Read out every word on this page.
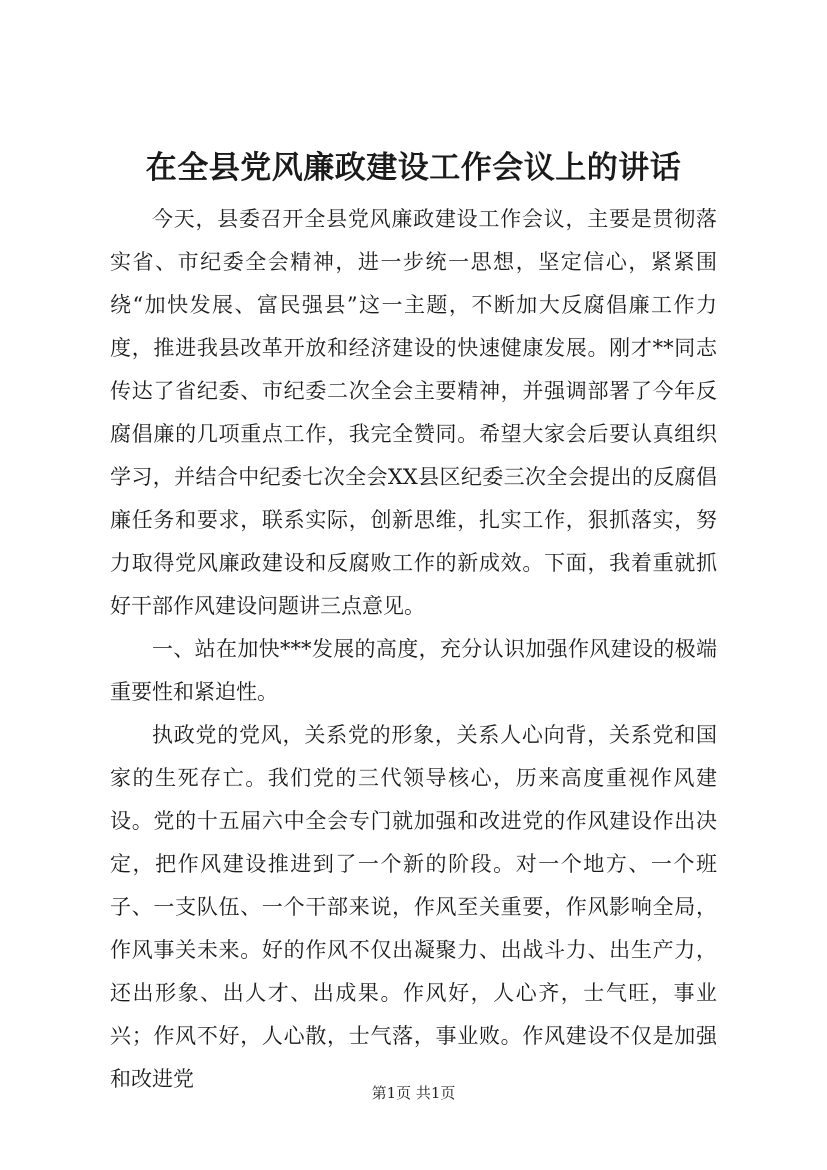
在全县党风廉政建设工作会议上的讲话

今天，县委召开全县党风廉政建设工作会议，主要是贯彻落实省、市纪委全会精神，进一步统一思想，坚定信心，紧紧围绕“加快发展、富民强县”这一主题，不断加大反腐倡廉工作力度，推进我县改革开放和经济建设的快速健康发展。刚才**同志传达了省纪委、市纪委二次全会主要精神，并强调部署了今年反腐倡廉的几项重点工作，我完全赞同。希望大家会后要认真组织学习，并结合中纪委七次全会XX县区纪委三次全会提出的反腐倡廉任务和要求，联系实际，创新思维，扎实工作，狠抓落实，努力取得党风廉政建设和反腐败工作的新成效。下面，我着重就抓好干部作风建设问题讲三点意见。

一、站在加快***发展的高度，充分认识加强作风建设的极端重要性和紧迫性。

执政党的党风，关系党的形象，关系人心向背，关系党和国家的生死存亡。我们党的三代领导核心，历来高度重视作风建设。党的十五届六中全会专门就加强和改进党的作风建设作出决定，把作风建设推进到了一个新的阶段。对一个地方、一个班子、一支队伍、一个干部来说，作风至关重要，作风影响全局，作风事关未来。好的作风不仅出凝聚力、出战斗力、出生产力，还出形象、出人才、出成果。作风好，人心齐，士气旺，事业兴；作风不好，人心散，士气落，事业败。作风建设不仅是加强和改进党

第1页 共1页
